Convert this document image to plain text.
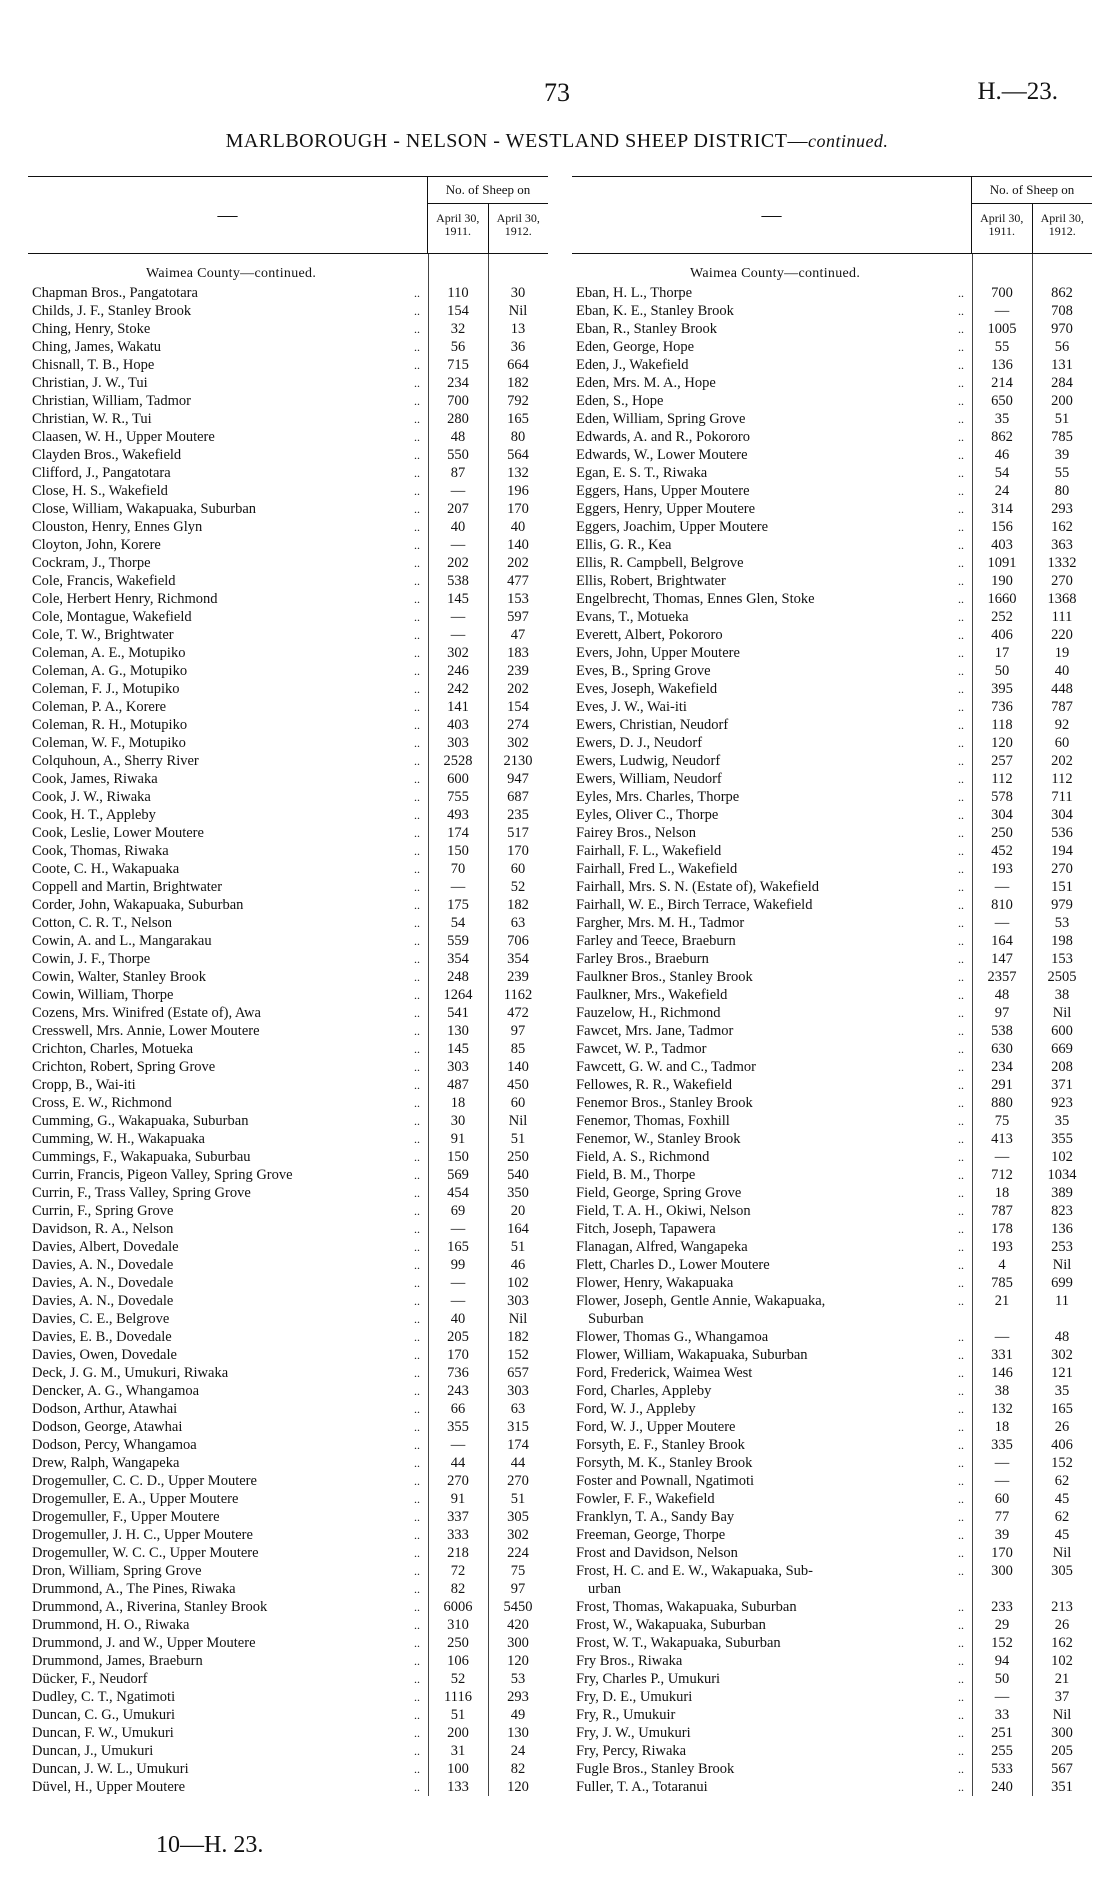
73	H.—23.
MARLBOROUGH - NELSON - WESTLAND SHEEP DISTRICT—continued.
—
No. of Sheep on
April 30, 1911.
April 30, 1912.
Waimea County—continued.
Chapman Bros., Pangatotara	..	110	30
Childs, J. F., Stanley Brook	..	154	Nil
Ching, Henry, Stoke	..	32	13
Ching, James, Wakatu	..	56	36
Chisnall, T. B., Hope	..	715	664
Christian, J. W., Tui	..	234	182
Christian, William, Tadmor	..	700	792
Christian, W. R., Tui	..	280	165
Claasen, W. H., Upper Moutere	..	48	80
Clayden Bros., Wakefield	..	550	564
Clifford, J., Pangatotara	..	87	132
Close, H. S., Wakefield	..	—	196
Close, William, Wakapuaka, Suburban	..	207	170
Clouston, Henry, Ennes Glyn	..	40	40
Cloyton, John, Korere	..	—	140
Cockram, J., Thorpe	..	202	202
Cole, Francis, Wakefield	..	538	477
Cole, Herbert Henry, Richmond	..	145	153
Cole, Montague, Wakefield	..	—	597
Cole, T. W., Brightwater	..	—	47
Coleman, A. E., Motupiko	..	302	183
Coleman, A. G., Motupiko	..	246	239
Coleman, F. J., Motupiko	..	242	202
Coleman, P. A., Korere	..	141	154
Coleman, R. H., Motupiko	..	403	274
Coleman, W. F., Motupiko	..	303	302
Colquhoun, A., Sherry River	..	2528	2130
Cook, James, Riwaka	..	600	947
Cook, J. W., Riwaka	..	755	687
Cook, H. T., Appleby	..	493	235
Cook, Leslie, Lower Moutere	..	174	517
Cook, Thomas, Riwaka	..	150	170
Coote, C. H., Wakapuaka	..	70	60
Coppell and Martin, Brightwater	..	—	52
Corder, John, Wakapuaka, Suburban	..	175	182
Cotton, C. R. T., Nelson	..	54	63
Cowin, A. and L., Mangarakau	..	559	706
Cowin, J. F., Thorpe	..	354	354
Cowin, Walter, Stanley Brook	..	248	239
Cowin, William, Thorpe	..	1264	1162
Cozens, Mrs. Winifred (Estate of), Awa	..	541	472
Cresswell, Mrs. Annie, Lower Moutere	..	130	97
Crichton, Charles, Motueka	..	145	85
Crichton, Robert, Spring Grove	..	303	140
Cropp, B., Wai-iti	..	487	450
Cross, E. W., Richmond	..	18	60
Cumming, G., Wakapuaka, Suburban	..	30	Nil
Cumming, W. H., Wakapuaka	..	91	51
Cummings, F., Wakapuaka, Suburbau	..	150	250
Currin, Francis, Pigeon Valley, Spring Grove	..	569	540
Currin, F., Trass Valley, Spring Grove	..	454	350
Currin, F., Spring Grove	..	69	20
Davidson, R. A., Nelson	..	—	164
Davies, Albert, Dovedale	..	165	51
Davies, A. N., Dovedale	..	99	46
Davies, A. N., Dovedale	..	—	102
Davies, A. N., Dovedale	..	—	303
Davies, C. E., Belgrove	..	40	Nil
Davies, E. B., Dovedale	..	205	182
Davies, Owen, Dovedale	..	170	152
Deck, J. G. M., Umukuri, Riwaka	..	736	657
Dencker, A. G., Whangamoa	..	243	303
Dodson, Arthur, Atawhai	..	66	63
Dodson, George, Atawhai	..	355	315
Dodson, Percy, Whangamoa	..	—	174
Drew, Ralph, Wangapeka	..	44	44
Drogemuller, C. C. D., Upper Moutere	..	270	270
Drogemuller, E. A., Upper Moutere	..	91	51
Drogemuller, F., Upper Moutere	..	337	305
Drogemuller, J. H. C., Upper Moutere	..	333	302
Drogemuller, W. C. C., Upper Moutere	..	218	224
Dron, William, Spring Grove	..	72	75
Drummond, A., The Pines, Riwaka	..	82	97
Drummond, A., Riverina, Stanley Brook	..	6006	5450
Drummond, H. O., Riwaka	..	310	420
Drummond, J. and W., Upper Moutere	..	250	300
Drummond, James, Braeburn	..	106	120
Dücker, F., Neudorf	..	52	53
Dudley, C. T., Ngatimoti	..	1116	293
Duncan, C. G., Umukuri	..	51	49
Duncan, F. W., Umukuri	..	200	130
Duncan, J., Umukuri	..	31	24
Duncan, J. W. L., Umukuri	..	100	82
Düvel, H., Upper Moutere	..	133	120
—
No. of Sheep on
April 30, 1911.
April 30, 1912.
Waimea County—continued.
Eban, H. L., Thorpe	..	700	862
Eban, K. E., Stanley Brook	..	—	708
Eban, R., Stanley Brook	..	1005	970
Eden, George, Hope	..	55	56
Eden, J., Wakefield	..	136	131
Eden, Mrs. M. A., Hope	..	214	284
Eden, S., Hope	..	650	200
Eden, William, Spring Grove	..	35	51
Edwards, A. and R., Pokororo	..	862	785
Edwards, W., Lower Moutere	..	46	39
Egan, E. S. T., Riwaka	..	54	55
Eggers, Hans, Upper Moutere	..	24	80
Eggers, Henry, Upper Moutere	..	314	293
Eggers, Joachim, Upper Moutere	..	156	162
Ellis, G. R., Kea	..	403	363
Ellis, R. Campbell, Belgrove	..	1091	1332
Ellis, Robert, Brightwater	..	190	270
Engelbrecht, Thomas, Ennes Glen, Stoke	..	1660	1368
Evans, T., Motueka	..	252	111
Everett, Albert, Pokororo	..	406	220
Evers, John, Upper Moutere	..	17	19
Eves, B., Spring Grove	..	50	40
Eves, Joseph, Wakefield	..	395	448
Eves, J. W., Wai-iti	..	736	787
Ewers, Christian, Neudorf	..	118	92
Ewers, D. J., Neudorf	..	120	60
Ewers, Ludwig, Neudorf	..	257	202
Ewers, William, Neudorf	..	112	112
Eyles, Mrs. Charles, Thorpe	..	578	711
Eyles, Oliver C., Thorpe	..	304	304
Fairey Bros., Nelson	..	250	536
Fairhall, F. L., Wakefield	..	452	194
Fairhall, Fred L., Wakefield	..	193	270
Fairhall, Mrs. S. N. (Estate of), Wakefield	..	—	151
Fairhall, W. E., Birch Terrace, Wakefield	..	810	979
Fargher, Mrs. M. H., Tadmor	..	—	53
Farley and Teece, Braeburn	..	164	198
Farley Bros., Braeburn	..	147	153
Faulkner Bros., Stanley Brook	..	2357	2505
Faulkner, Mrs., Wakefield	..	48	38
Fauzelow, H., Richmond	..	97	Nil
Fawcet, Mrs. Jane, Tadmor	..	538	600
Fawcet, W. P., Tadmor	..	630	669
Fawcett, G. W. and C., Tadmor	..	234	208
Fellowes, R. R., Wakefield	..	291	371
Fenemor Bros., Stanley Brook	..	880	923
Fenemor, Thomas, Foxhill	..	75	35
Fenemor, W., Stanley Brook	..	413	355
Field, A. S., Richmond	..	—	102
Field, B. M., Thorpe	..	712	1034
Field, George, Spring Grove	..	18	389
Field, T. A. H., Okiwi, Nelson	..	787	823
Fitch, Joseph, Tapawera	..	178	136
Flanagan, Alfred, Wangapeka	..	193	253
Flett, Charles D., Lower Moutere	..	4	Nil
Flower, Henry, Wakapuaka	..	785	699
Flower, Joseph, Gentle Annie, Wakapuaka,	..	21	11
Suburban
Flower, Thomas G., Whangamoa	..	—	48
Flower, William, Wakapuaka, Suburban	..	331	302
Ford, Frederick, Waimea West	..	146	121
Ford, Charles, Appleby	..	38	35
Ford, W. J., Appleby	..	132	165
Ford, W. J., Upper Moutere	..	18	26
Forsyth, E. F., Stanley Brook	..	335	406
Forsyth, M. K., Stanley Brook	..	—	152
Foster and Pownall, Ngatimoti	..	—	62
Fowler, F. F., Wakefield	..	60	45
Franklyn, T. A., Sandy Bay	..	77	62
Freeman, George, Thorpe	..	39	45
Frost and Davidson, Nelson	..	170	Nil
Frost, H. C. and E. W., Wakapuaka, Sub-	..	300	305
urban
Frost, Thomas, Wakapuaka, Suburban	..	233	213
Frost, W., Wakapuaka, Suburban	..	29	26
Frost, W. T., Wakapuaka, Suburban	..	152	162
Fry Bros., Riwaka	..	94	102
Fry, Charles P., Umukuri	..	50	21
Fry, D. E., Umukuri	..	—	37
Fry, R., Umukuir	..	33	Nil
Fry, J. W., Umukuri	..	251	300
Fry, Percy, Riwaka	..	255	205
Fugle Bros., Stanley Brook	..	533	567
Fuller, T. A., Totaranui	..	240	351
10—H. 23.
